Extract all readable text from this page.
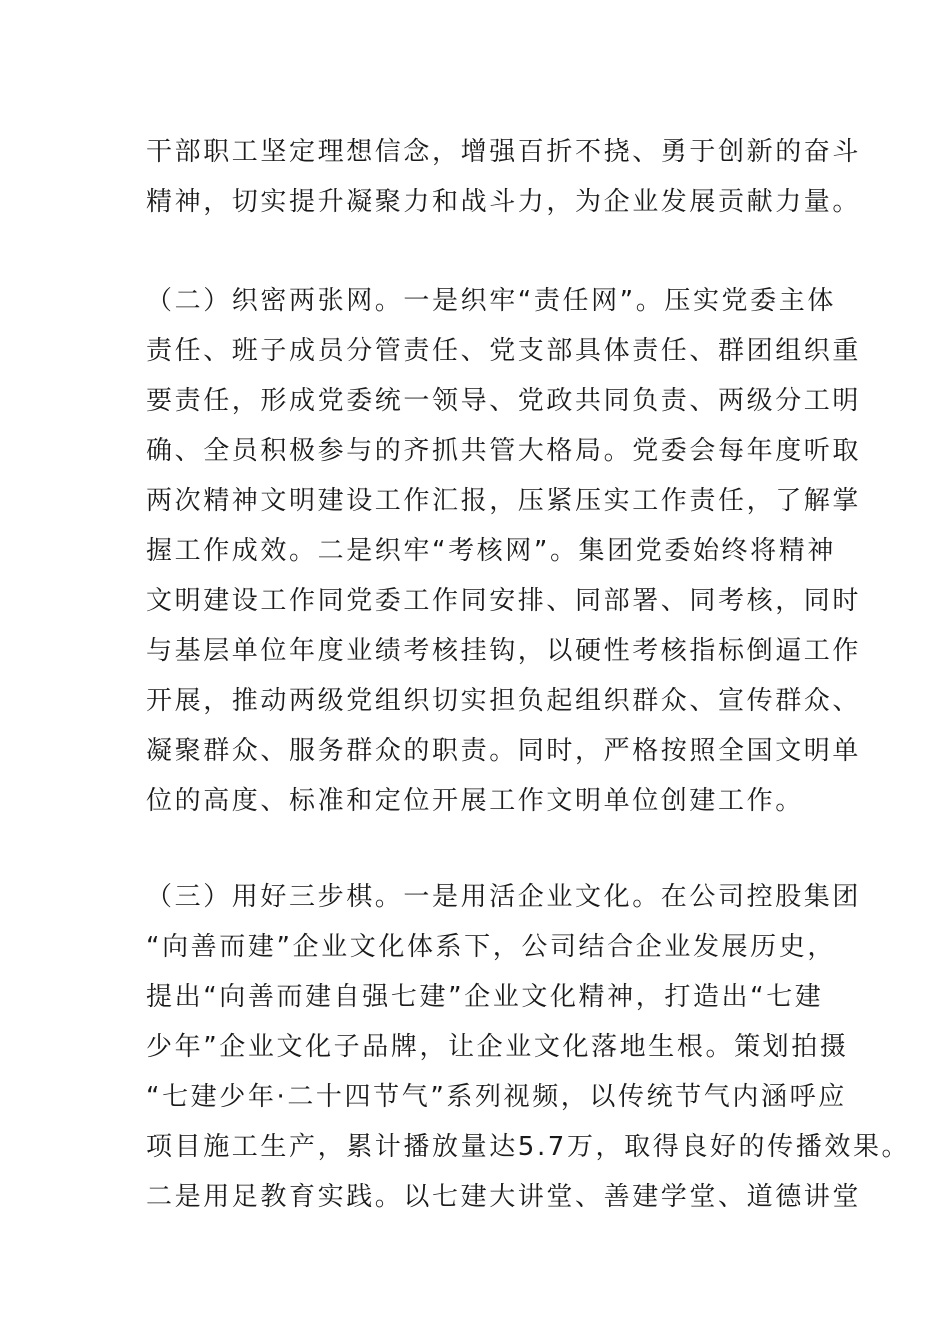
干部职工坚定理想信念，增强百折不挠、勇于创新的奋斗
精神，切实提升凝聚力和战斗力，为企业发展贡献力量。
（二）织密两张网。一是织牢“责任网”。压实党委主体
责任、班子成员分管责任、党支部具体责任、群团组织重
要责任，形成党委统一领导、党政共同负责、两级分工明
确、全员积极参与的齐抓共管大格局。党委会每年度听取
两次精神文明建设工作汇报，压紧压实工作责任，了解掌
握工作成效。二是织牢“考核网”。集团党委始终将精神
文明建设工作同党委工作同安排、同部署、同考核，同时
与基层单位年度业绩考核挂钩，以硬性考核指标倒逼工作
开展，推动两级党组织切实担负起组织群众、宣传群众、
凝聚群众、服务群众的职责。同时，严格按照全国文明单
位的高度、标准和定位开展工作文明单位创建工作。
（三）用好三步棋。一是用活企业文化。在公司控股集团
“向善而建”企业文化体系下，公司结合企业发展历史，
提出“向善而建自强七建”企业文化精神，打造出“七建
少年”企业文化子品牌，让企业文化落地生根。策划拍摄
“七建少年·二十四节气”系列视频，以传统节气内涵呼应
项目施工生产，累计播放量达5.7万，取得良好的传播效果。
二是用足教育实践。以七建大讲堂、善建学堂、道德讲堂
